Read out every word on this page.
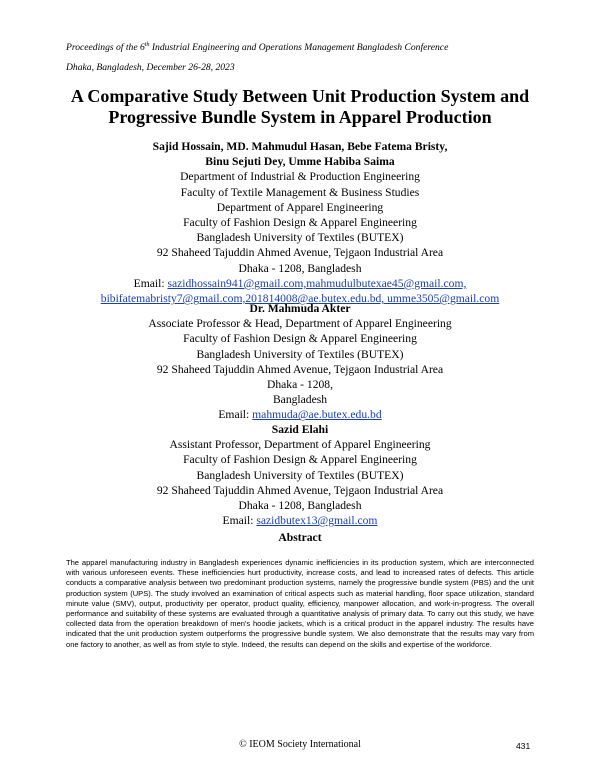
Proceedings of the 6th Industrial Engineering and Operations Management Bangladesh Conference
Dhaka, Bangladesh, December 26-28, 2023
A Comparative Study Between Unit Production System and
Progressive Bundle System in Apparel Production
Sajid Hossain, MD. Mahmudul Hasan, Bebe Fatema Bristy,
Binu Sejuti Dey, Umme Habiba Saima
Department of Industrial & Production Engineering
Faculty of Textile Management & Business Studies
Department of Apparel Engineering
Faculty of Fashion Design & Apparel Engineering
Bangladesh University of Textiles (BUTEX)
92 Shaheed Tajuddin Ahmed Avenue, Tejgaon Industrial Area
Dhaka - 1208, Bangladesh
Email: sazidhossain941@gmail.com,mahmudulbutexae45@gmail.com,
bibifatemabristy7@gmail.com,201814008@ae.butex.edu.bd, umme3505@gmail.com
Dr. Mahmuda Akter
Associate Professor & Head, Department of Apparel Engineering
Faculty of Fashion Design & Apparel Engineering
Bangladesh University of Textiles (BUTEX)
92 Shaheed Tajuddin Ahmed Avenue, Tejgaon Industrial Area
Dhaka - 1208,
Bangladesh
Email: mahmuda@ae.butex.edu.bd
Sazid Elahi
Assistant Professor, Department of Apparel Engineering
Faculty of Fashion Design & Apparel Engineering
Bangladesh University of Textiles (BUTEX)
92 Shaheed Tajuddin Ahmed Avenue, Tejgaon Industrial Area
Dhaka - 1208, Bangladesh
Email: sazidbutex13@gmail.com
Abstract
The apparel manufacturing industry in Bangladesh experiences dynamic inefficiencies in its production system, which are interconnected with various unforeseen events. These inefficiencies hurt productivity, increase costs, and lead to increased rates of defects. This article conducts a comparative analysis between two predominant production systems, namely the progressive bundle system (PBS) and the unit production system (UPS). The study involved an examination of critical aspects such as material handling, floor space utilization, standard minute value (SMV), output, productivity per operator, product quality, efficiency, manpower allocation, and work-in-progress. The overall performance and suitability of these systems are evaluated through a quantitative analysis of primary data. To carry out this study, we have collected data from the operation breakdown of men's hoodie jackets, which is a critical product in the apparel industry. The results have indicated that the unit production system outperforms the progressive bundle system. We also demonstrate that the results may vary from one factory to another, as well as from style to style. Indeed, the results can depend on the skills and expertise of the workforce.
© IEOM Society International	431
